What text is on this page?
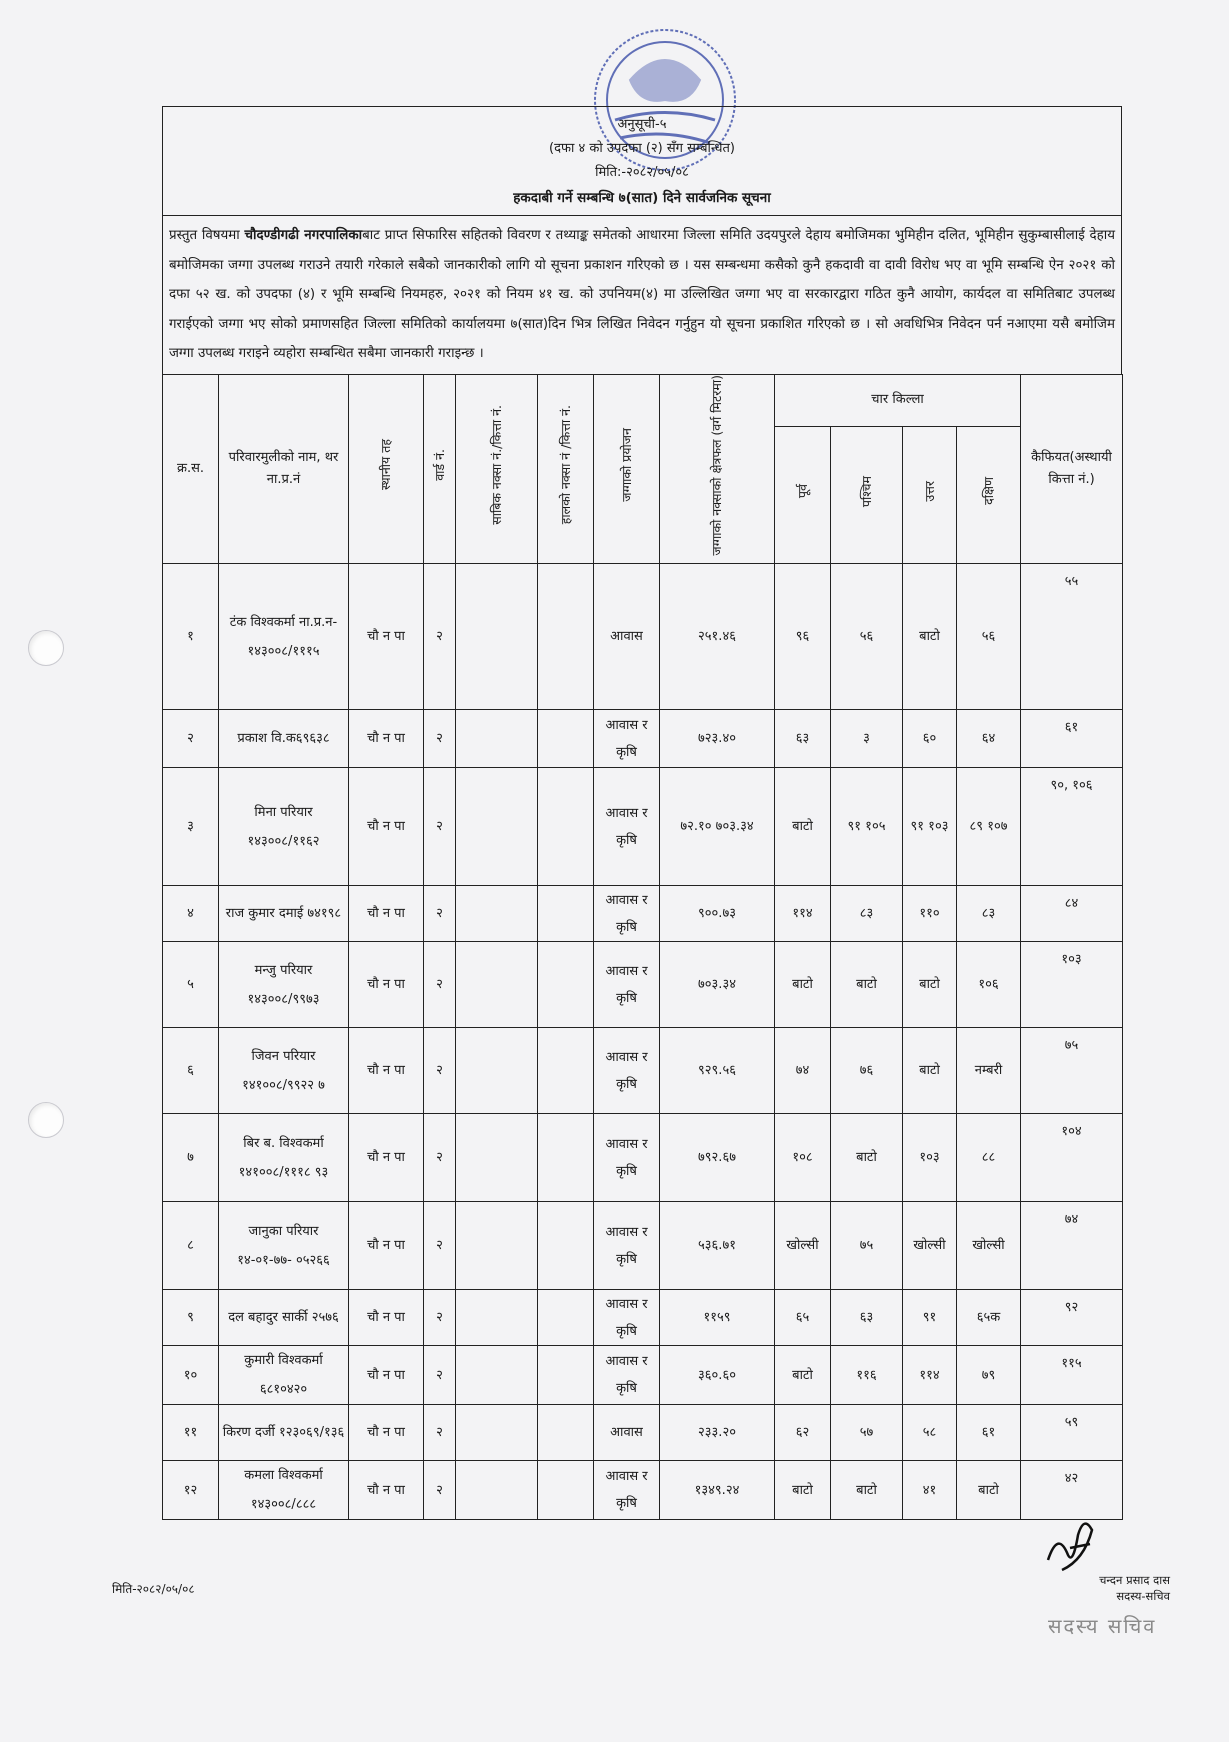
अनुसूची-५
(दफा ४ को उपदफा (२) सँग सम्बन्धित)
मिति:-२०८२/०५/०८
हकदाबी गर्ने सम्बन्धि ७(सात) दिने सार्वजनिक सूचना
प्रस्तुत विषयमा चौदण्डीगढी नगरपालिकाबाट प्राप्त सिफारिस सहितको विवरण र तथ्याङ्क समेतको आधारमा जिल्ला समिति उदयपुरले देहाय बमोजिमका भुमिहीन दलित, भूमिहीन सुकुम्बासीलाई देहाय बमोजिमका जग्गा उपलब्ध गराउने तयारी गरेकाले सबैको जानकारीको लागि यो सूचना प्रकाशन गरिएको छ । यस सम्बन्धमा कसैको कुनै हकदावी वा दावी विरोध भए वा भूमि सम्बन्धि ऐन २०२१ को दफा ५२ ख. को उपदफा (४) र भूमि सम्बन्धि नियमहरु, २०२१ को नियम ४१ ख. को उपनियम(४) मा उल्लिखित जग्गा भए वा सरकारद्वारा गठित कुनै आयोग, कार्यदल वा समितिबाट उपलब्ध गराईएको जग्गा भए सोको प्रमाणसहित जिल्ला समितिको कार्यालयमा ७(सात)दिन भित्र लिखित निवेदन गर्नुहुन यो सूचना प्रकाशित गरिएको छ । सो अवधिभित्र निवेदन पर्न नआएमा यसै बमोजिम जग्गा उपलब्ध गराइने व्यहोरा सम्बन्धित सबैमा जानकारी गराइन्छ ।
क्र.स.	परिवारमुलीको नाम, थर ना.प्र.नं	स्थानीय तह	वार्ड नं.	साबिक नक्सा नं./कित्ता नं.	हालको नक्सा नं /कित्ता नं.	जग्गाको प्रयोजन	जग्गाको नक्साको क्षेत्रफल (वर्ग मिटरमा)	चार किल्ला				कैफियत(अस्थायी कित्ता नं.)
								पूर्व	पश्चिम	उत्तर	दक्षिण	
१	टंक विश्वकर्मा ना.प्र.न- १४३००८/१११५	चौ न पा	२			आवास	२५१.४६	९६	५६	बाटो	५६	५५
२	प्रकाश वि.क६९६३८	चौ न पा	२			आवास र कृषि	७२३.४०	६३	३	६०	६४	६१
३	मिना परियार १४३००८/११६२	चौ न पा	२			आवास र कृषि	७२.१० ७०३.३४	बाटो	९१ १०५	९१ १०३	८९ १०७	९०, १०६
४	राज कुमार दमाई ७४१९८	चौ न पा	२			आवास र कृषि	९००.७३	११४	८३	११०	८३	८४
५	मन्जु परियार १४३००८/९९७३	चौ न पा	२			आवास र कृषि	७०३.३४	बाटो	बाटो	बाटो	१०६	१०३
६	जिवन परियार १४१००८/९९२२ ७	चौ न पा	२			आवास र कृषि	९२९.५६	७४	७६	बाटो	नम्बरी	७५
७	बिर ब. विश्वकर्मा १४१००८/१११८ ९३	चौ न पा	२			आवास र कृषि	७९२.६७	१०८	बाटो	१०३	८८	१०४
८	जानुका परियार १४-०१-७७- ०५२६६	चौ न पा	२			आवास र कृषि	५३६.७१	खोल्सी	७५	खोल्सी	खोल्सी	७४
९	दल बहादुर सार्की २५७६	चौ न पा	२			आवास र कृषि	११५९	६५	६३	९१	६५क	९२
१०	कुमारी विश्वकर्मा ६८१०४२०	चौ न पा	२			आवास र कृषि	३६०.६०	बाटो	११६	११४	७९	११५
११	किरण दर्जी १२३०६९/१३६	चौ न पा	२			आवास	२३३.२०	६२	५७	५८	६१	५९
१२	कमला विश्वकर्मा १४३००८/८८८	चौ न पा	२			आवास र कृषि	१३४९.२४	बाटो	बाटो	४१	बाटो	४२
मिति-२०८२/०५/०८
चन्दन प्रसाद दास
सदस्य-सचिव
सदस्य सचिव
